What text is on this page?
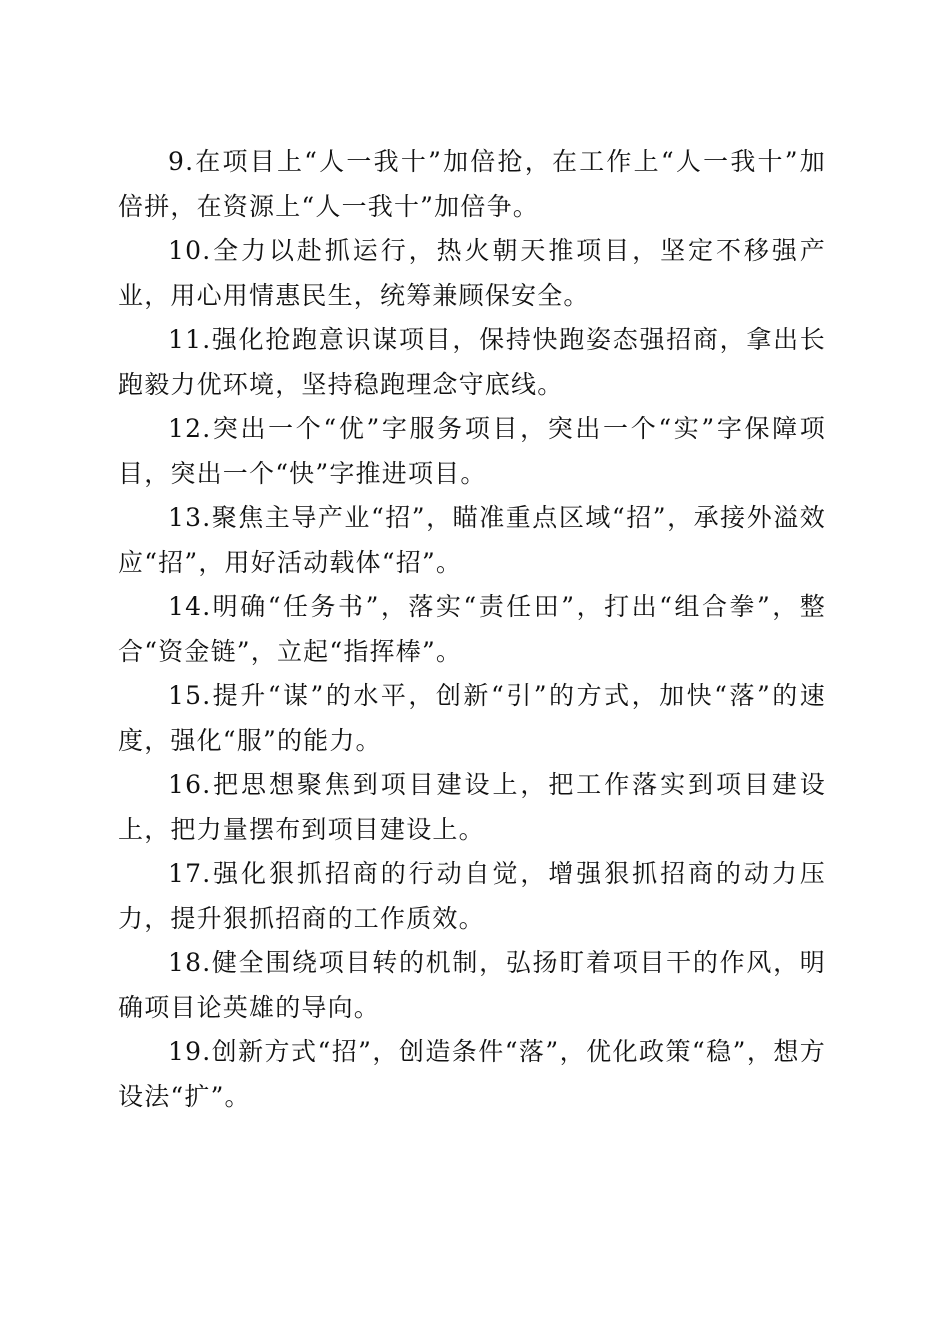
9.在项目上“人一我十”加倍抢，在工作上“人一我十”加倍拼，在资源上“人一我十”加倍争。

10.全力以赴抓运行，热火朝天推项目，坚定不移强产业，用心用情惠民生，统筹兼顾保安全。

11.强化抢跑意识谋项目，保持快跑姿态强招商，拿出长跑毅力优环境，坚持稳跑理念守底线。

12.突出一个“优”字服务项目，突出一个“实”字保障项目，突出一个“快”字推进项目。

13.聚焦主导产业“招”，瞄准重点区域“招”，承接外溢效应“招”，用好活动载体“招”。

14.明确“任务书”，落实“责任田”，打出“组合拳”，整合“资金链”，立起“指挥棒”。

15.提升“谋”的水平，创新“引”的方式，加快“落”的速度，强化“服”的能力。

16.把思想聚焦到项目建设上，把工作落实到项目建设上，把力量摆布到项目建设上。

17.强化狠抓招商的行动自觉，增强狠抓招商的动力压力，提升狠抓招商的工作质效。

18.健全围绕项目转的机制，弘扬盯着项目干的作风，明确项目论英雄的导向。

19.创新方式“招”，创造条件“落”，优化政策“稳”，想方设法“扩”。
